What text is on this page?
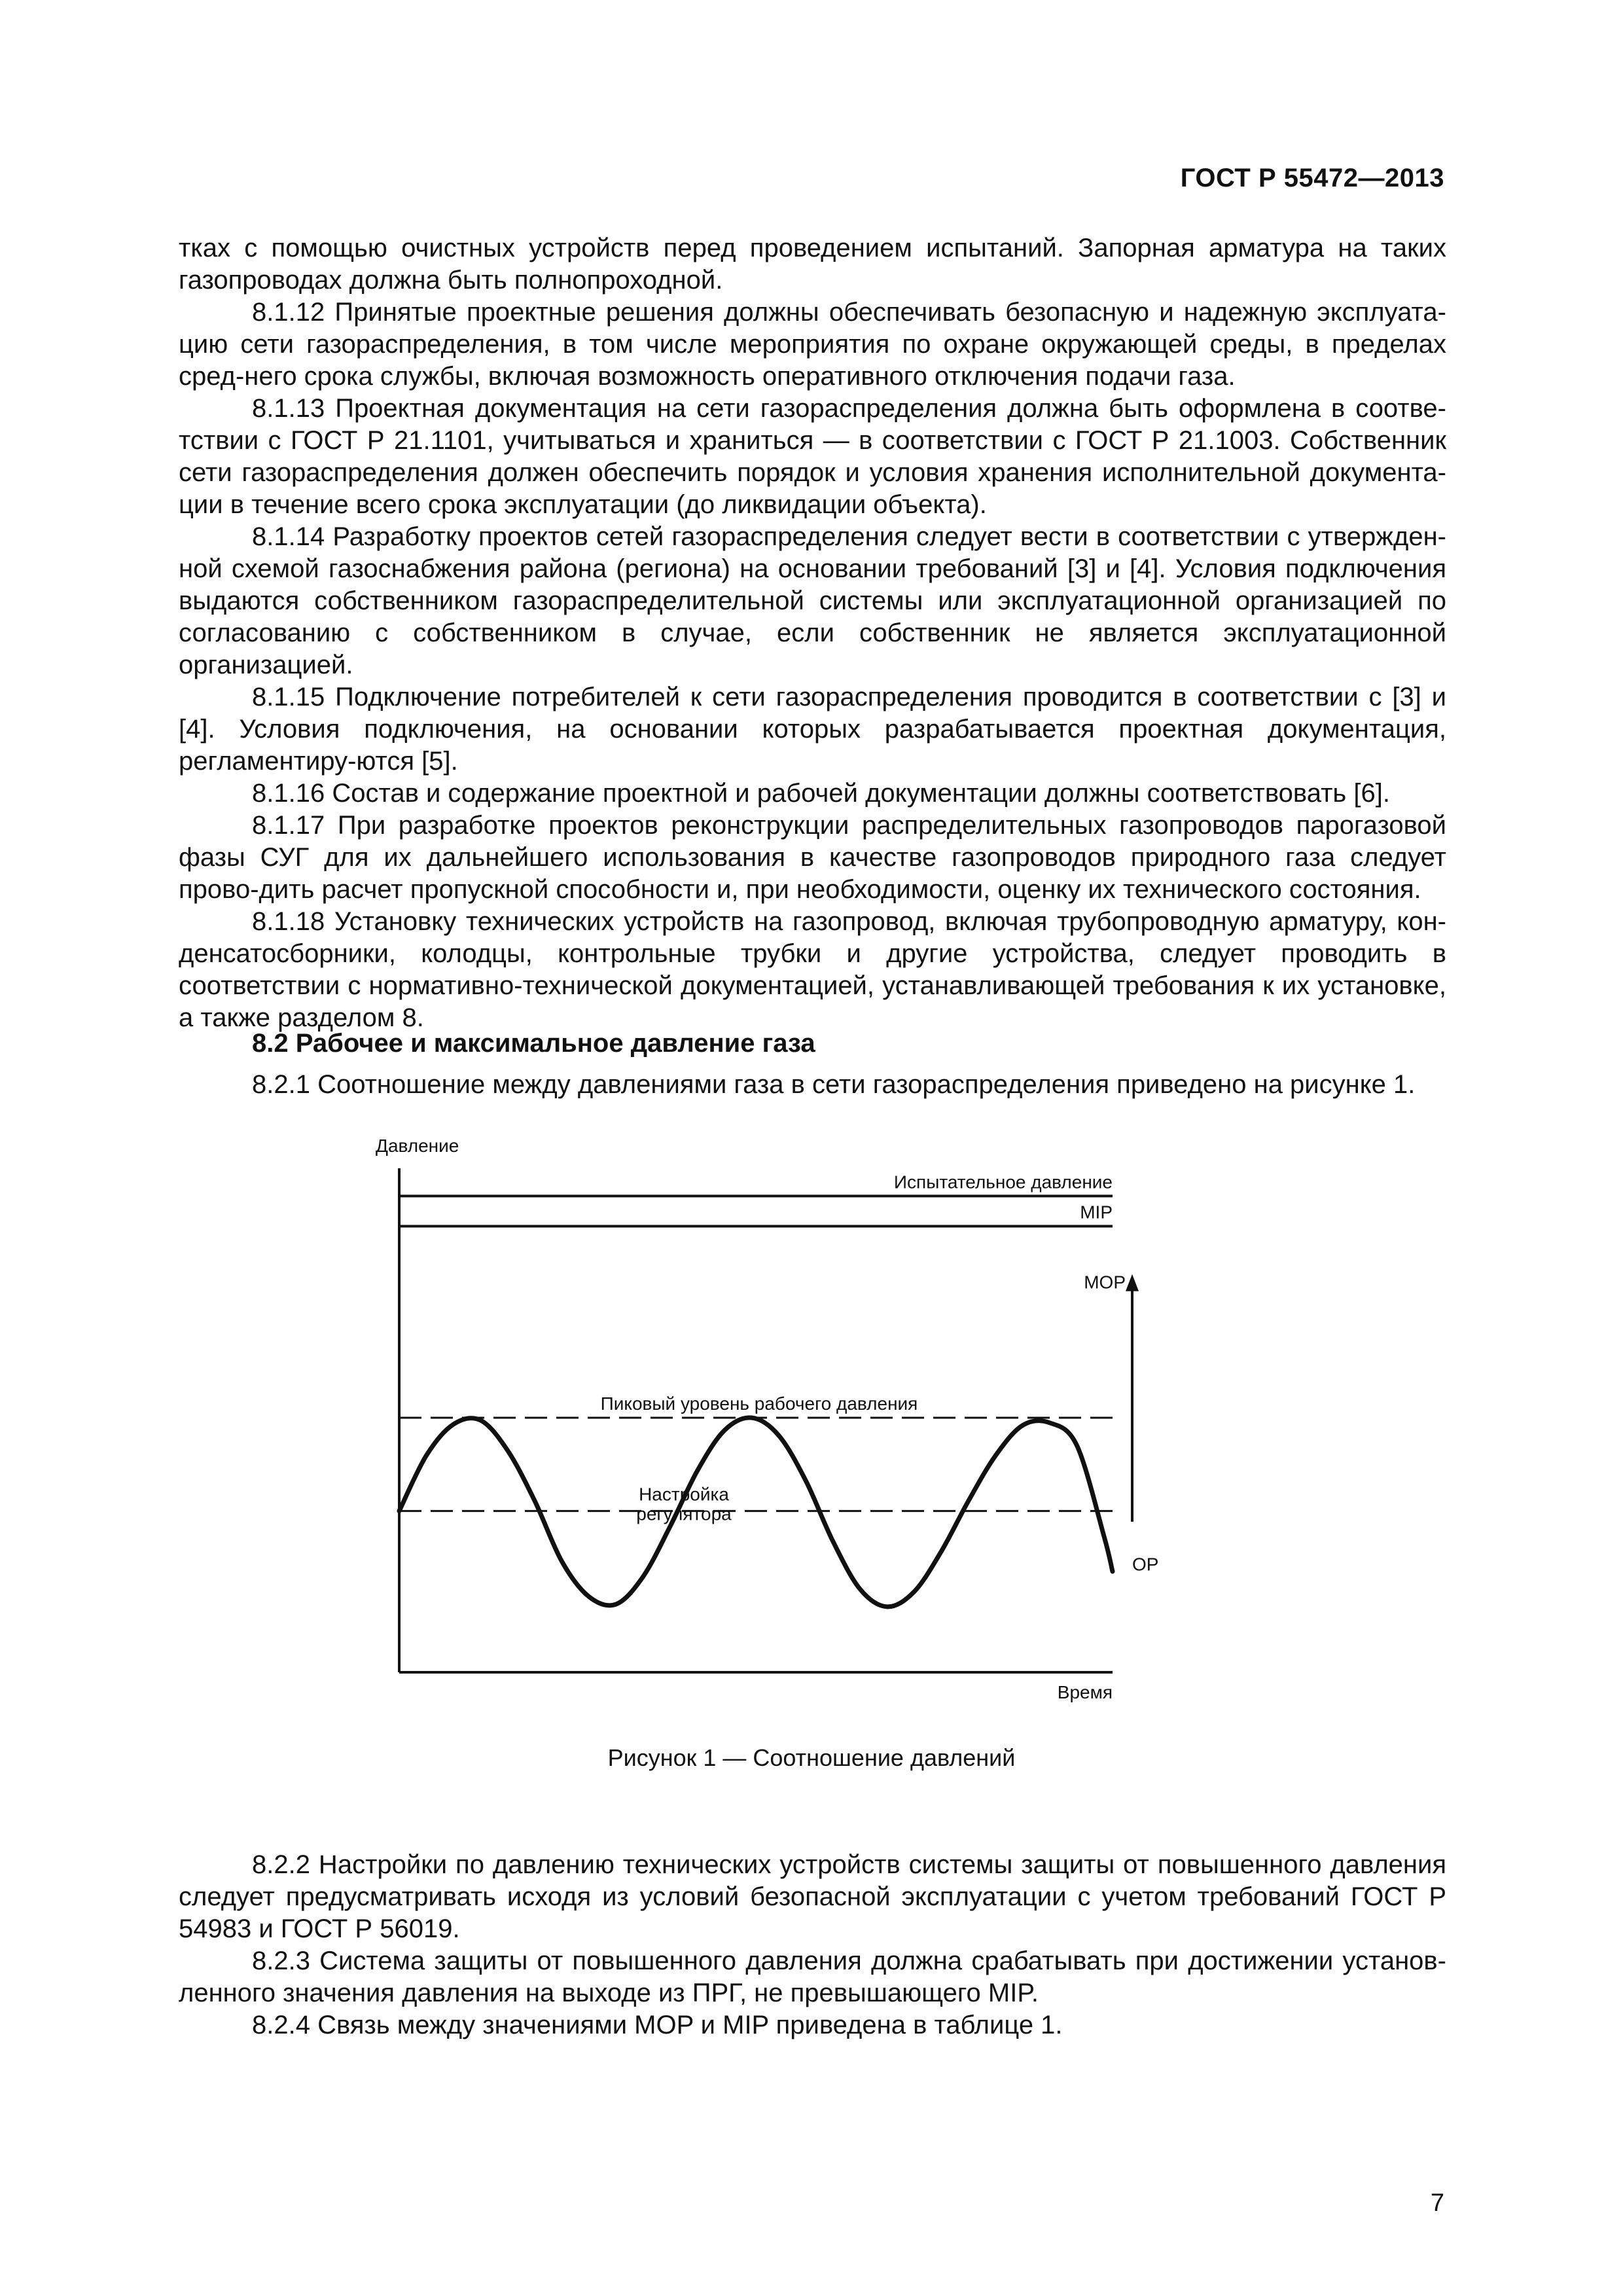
ГОСТ Р 55472—2013

тках с помощью очистных устройств перед проведением испытаний. Запорная арматура на таких газопроводах должна быть полнопроходной.

8.1.12 Принятые проектные решения должны обеспечивать безопасную и надежную эксплуата-цию сети газораспределения, в том числе мероприятия по охране окружающей среды, в пределах сред-него срока службы, включая возможность оперативного отключения подачи газа.

8.1.13 Проектная документация на сети газораспределения должна быть оформлена в соотве-тствии с ГОСТ Р 21.1101, учитываться и храниться — в соответствии с ГОСТ Р 21.1003. Собственник сети газораспределения должен обеспечить порядок и условия хранения исполнительной документа-ции в течение всего срока эксплуатации (до ликвидации объекта).

8.1.14 Разработку проектов сетей газораспределения следует вести в соответствии с утвержден-ной схемой газоснабжения района (региона) на основании требований [3] и [4]. Условия подключения выдаются собственником газораспределительной системы или эксплуатационной организацией по согласованию с собственником в случае, если собственник не является эксплуатационной организацией.

8.1.15 Подключение потребителей к сети газораспределения проводится в соответствии с [3] и [4]. Условия подключения, на основании которых разрабатывается проектная документация, регламентиру-ются [5].

8.1.16 Состав и содержание проектной и рабочей документации должны соответствовать [6].

8.1.17 При разработке проектов реконструкции распределительных газопроводов парогазовой фазы СУГ для их дальнейшего использования в качестве газопроводов природного газа следует прово-дить расчет пропускной способности и, при необходимости, оценку их технического состояния.

8.1.18 Установку технических устройств на газопровод, включая трубопроводную арматуру, кон-денсатосборники, колодцы, контрольные трубки и другие устройства, следует проводить в соответствии с нормативно-технической документацией, устанавливающей требования к их установке, а также разделом 8.

8.2 Рабочее и максимальное давление газа
8.2.1 Соотношение между давлениями газа в сети газораспределения приведено на рисунке 1.
Давление
Время
Испытательное давление
MIP
Пиковый уровень рабочего давления
Настройка регулятора
MOP
OP
Рисунок 1 — Соотношение давлений

8.2.2 Настройки по давлению технических устройств системы защиты от повышенного давления следует предусматривать исходя из условий безопасной эксплуатации с учетом требований ГОСТ Р 54983 и ГОСТ Р 56019.

8.2.3 Система защиты от повышенного давления должна срабатывать при достижении установ-ленного значения давления на выходе из ПРГ, не превышающего MIP.

8.2.4 Связь между значениями MOP и MIP приведена в таблице 1.

7
